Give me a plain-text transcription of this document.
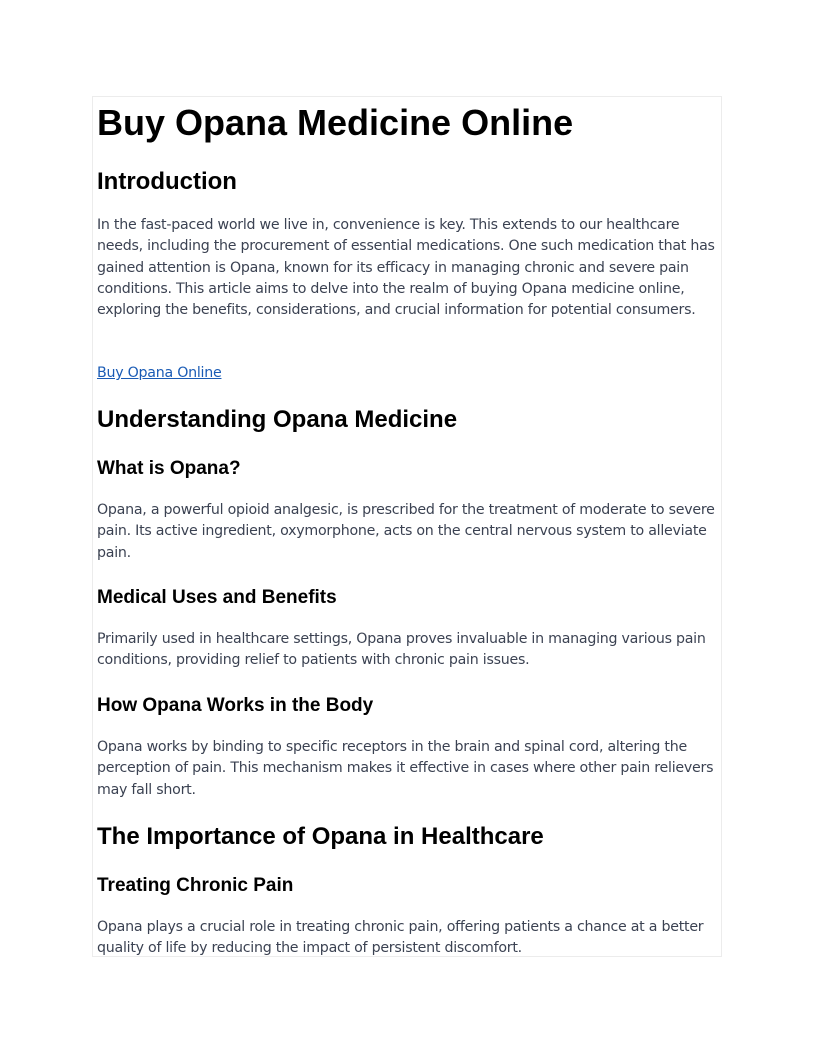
Buy Opana Medicine Online
Introduction

In the fast-paced world we live in, convenience is key. This extends to our healthcare needs, including the procurement of essential medications. One such medication that has gained attention is Opana, known for its efficacy in managing chronic and severe pain conditions. This article aims to delve into the realm of buying Opana medicine online, exploring the benefits, considerations, and crucial information for potential consumers.

Buy Opana Online
Understanding Opana Medicine
What is Opana?

Opana, a powerful opioid analgesic, is prescribed for the treatment of moderate to severe pain. Its active ingredient, oxymorphone, acts on the central nervous system to alleviate pain.

Medical Uses and Benefits

Primarily used in healthcare settings, Opana proves invaluable in managing various pain conditions, providing relief to patients with chronic pain issues.

How Opana Works in the Body

Opana works by binding to specific receptors in the brain and spinal cord, altering the perception of pain. This mechanism makes it effective in cases where other pain relievers may fall short.

The Importance of Opana in Healthcare
Treating Chronic Pain

Opana plays a crucial role in treating chronic pain, offering patients a chance at a better quality of life by reducing the impact of persistent discomfort.
